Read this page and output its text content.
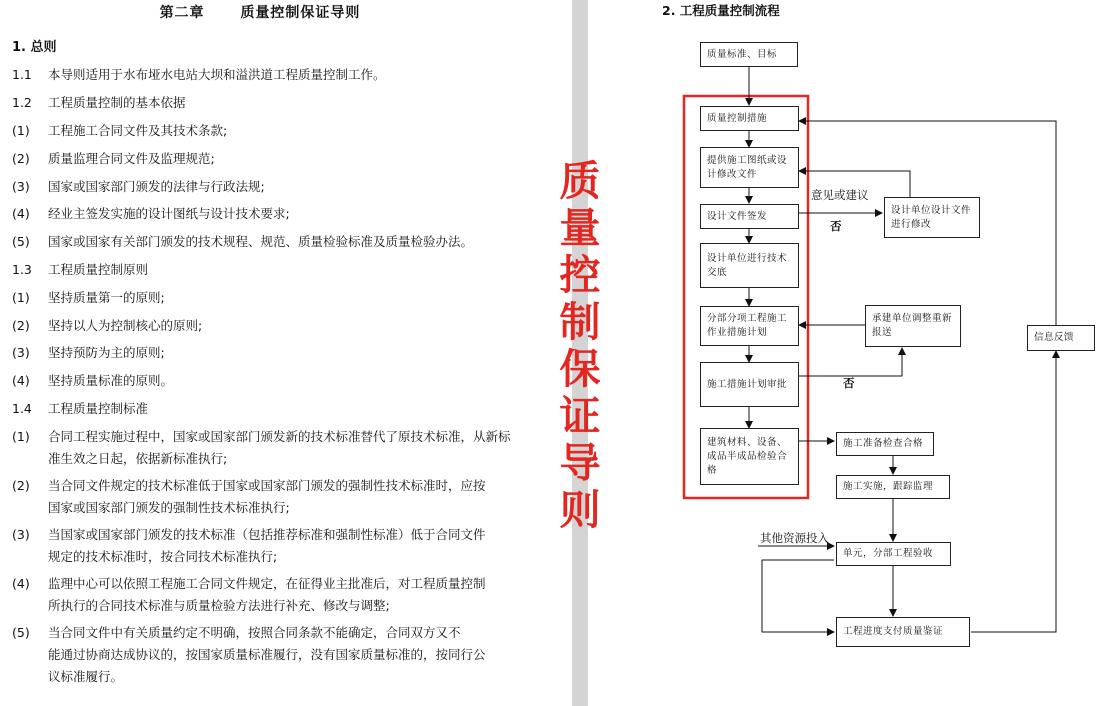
第二章	质量控制保证导则
1. 总则
1.1 本导则适用于水布垭水电站大坝和溢洪道工程质量控制工作。
1.2 工程质量控制的基本依据
(1) 工程施工合同文件及其技术条款;
(2) 质量监理合同文件及监理规范;
(3) 国家或国家部门颁发的法律与行政法规;
(4) 经业主签发实施的设计图纸与设计技术要求;
(5) 国家或国家有关部门颁发的技术规程、规范、质量检验标准及质量检验办法。
1.3 工程质量控制原则
(1) 坚持质量第一的原则;
(2) 坚持以人为控制核心的原则;
(3) 坚持预防为主的原则;
(4) 坚持质量标准的原则。
1.4 工程质量控制标准
(1) 合同工程实施过程中，国家或国家部门颁发新的技术标准替代了原技术标准，从新标
准生效之日起，依据新标准执行;
(2) 当合同文件规定的技术标准低于国家或国家部门颁发的强制性技术标准时，应按
国家或国家部门颁发的强制性技术标准执行;
(3) 当国家或国家部门颁发的技术标准（包括推荐标准和强制性标准）低于合同文件
规定的技术标准时，按合同技术标准执行;
(4) 监理中心可以依照工程施工合同文件规定，在征得业主批准后，对工程质量控制
所执行的合同技术标准与质量检验方法进行补充、修改与调整;
(5) 当合同文件中有关质量约定不明确，按照合同条款不能确定，合同双方又不
能通过协商达成协议的，按国家质量标准履行，没有国家质量标准的，按同行公
议标准履行。
质
量
控
制
保
证
导
则
2. 工程质量控制流程
质量标准、目标
质量控制措施
提供施工图纸或设计修改文件
设计文件签发
设计单位进行技术交底
分部分项工程施工作业措施计划
施工措施计划审批
建筑材料、设备、成品半成品检验合格
设计单位设计文件进行修改
承建单位调整重新报送
施工准备检查合格
施工实施，跟踪监理
单元，分部工程验收
工程进度支付质量鉴证
信息反馈
意见或建议
否
否
其他资源投入
